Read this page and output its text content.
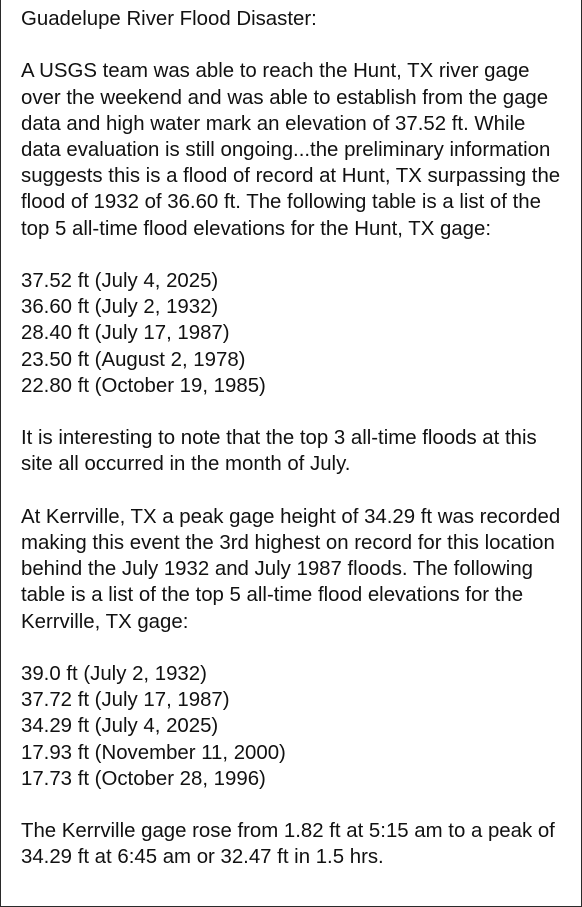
Guadelupe River Flood Disaster:

A USGS team was able to reach the Hunt, TX river gage over the weekend and was able to establish from the gage data and high water mark an elevation of 37.52 ft. While data evaluation is still ongoing...the preliminary information suggests this is a flood of record at Hunt, TX surpassing the flood of 1932 of 36.60 ft. The following table is a list of the top 5 all-time flood elevations for the Hunt, TX gage:

37.52 ft (July 4, 2025)
36.60 ft (July 2, 1932)
28.40 ft (July 17, 1987)
23.50 ft (August 2, 1978)
22.80 ft (October 19, 1985)

It is interesting to note that the top 3 all-time floods at this site all occurred in the month of July.

At Kerrville, TX a peak gage height of 34.29 ft was recorded making this event the 3rd highest on record for this location behind the July 1932 and July 1987 floods. The following table is a list of the top 5 all-time flood elevations for the Kerrville, TX gage:

39.0 ft (July 2, 1932)
37.72 ft (July 17, 1987)
34.29 ft (July 4, 2025)
17.93 ft (November 11, 2000)
17.73 ft (October 28, 1996)

The Kerrville gage rose from 1.82 ft at 5:15 am to a peak of 34.29 ft at 6:45 am or 32.47 ft in 1.5 hrs.
